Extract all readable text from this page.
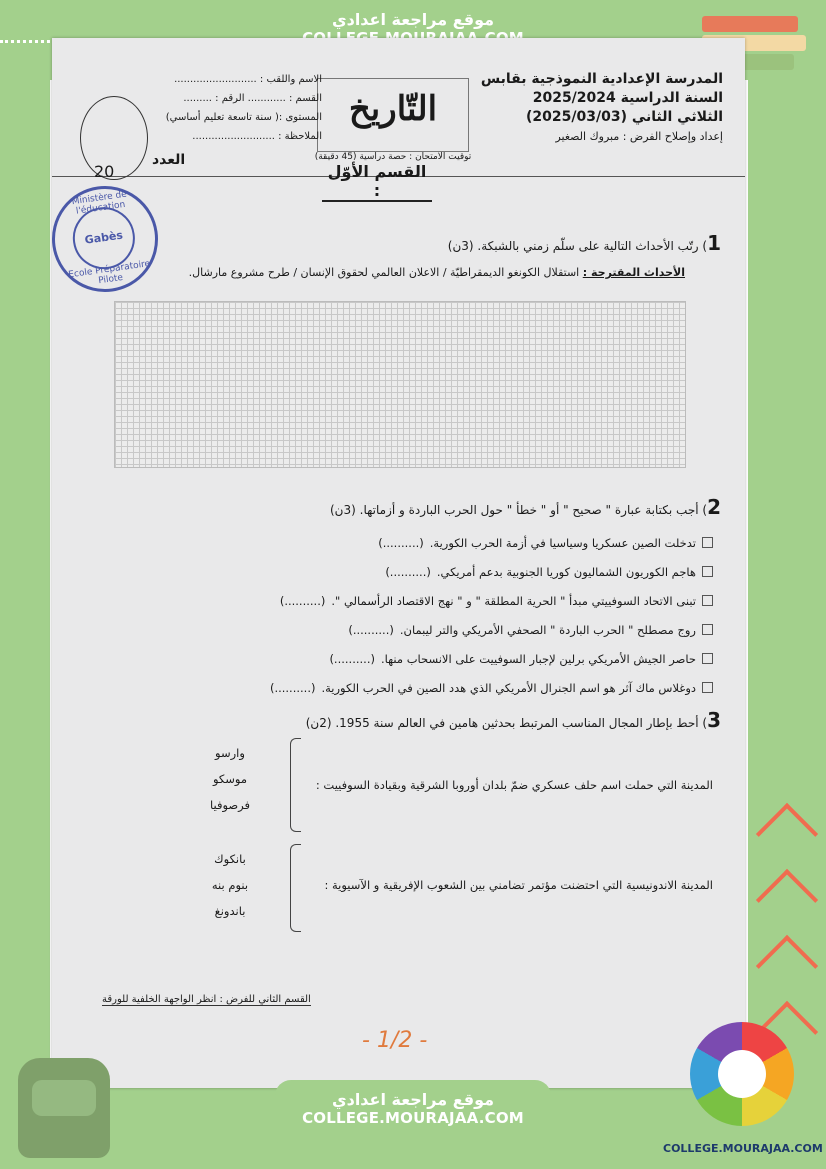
موقع مراجعة اعدادي
المدرسة الإعدادية النموذجية بقابس
السنة الدراسية 2025/2024
الثلاثي الثاني (2025/03/03)
إعداد وإصلاح الفرض : مبروك الصغير
التّاريخ
توقيت الامتحان : حصة دراسية (45 دقيقة)
الاسم واللقب : ..........................
القسم : ............ الرقم : .........
المستوى :( سنة تاسعة تعليم أساسي)
الملاحظة : ..........................
العدد
20
Ministère de l'éducation
Gabès
Ecole Préparatoire Pilote
القسم الأوّل :
1) رتّب الأحداث التالية على سلّم زمني بالشبكة. (3ن)
الأحداث المقترحة : استقلال الكونغو الديمقراطيّة / الاعلان العالمي لحقوق الإنسان / طرح مشروع مارشال.
2) أجب بكتابة عبارة " صحيح " أو " خطأ " حول الحرب الباردة و أزماتها. (3ن)
تدخلت الصين عسكريا وسياسيا في أزمة الحرب الكورية.
(..........)
هاجم الكوريون الشماليون كوريا الجنوبية بدعم أمريكي.
(..........)
تبنى الاتحاد السوفييتي مبدأ " الحرية المطلقة " و " نهج الاقتصاد الرأسمالي ".
(..........)
روج مصطلح " الحرب الباردة " الصحفي الأمريكي والتر ليبمان.
(..........)
حاصر الجيش الأمريكي برلين لإجبار السوفييت على الانسحاب منها.
(..........)
دوغلاس ماك آثر هو اسم الجنرال الأمريكي الذي هدد الصين في الحرب الكورية.
(..........)
3) أحط بإطار المجال المناسب المرتبط بحدثين هامين في العالم سنة 1955. (2ن)
المدينة التي حملت اسم حلف عسكري ضمّ بلدان أوروبا الشرقية وبقيادة السوفييت :
وارسو
موسكو
فرصوفيا
المدينة الاندونيسية التي احتضنت مؤتمر تضامني بين الشعوب الإفريقية و الآسيوية :
بانكوك
بنوم بنه
باندونغ
القسم الثاني للفرض : انظر الواجهة الخلفية للورقة
- 1/2 -
موقع مراجعة اعدادي
COLLEGE.MOURAJAA.COM
COLLEGE.MOURAJAA.COM
